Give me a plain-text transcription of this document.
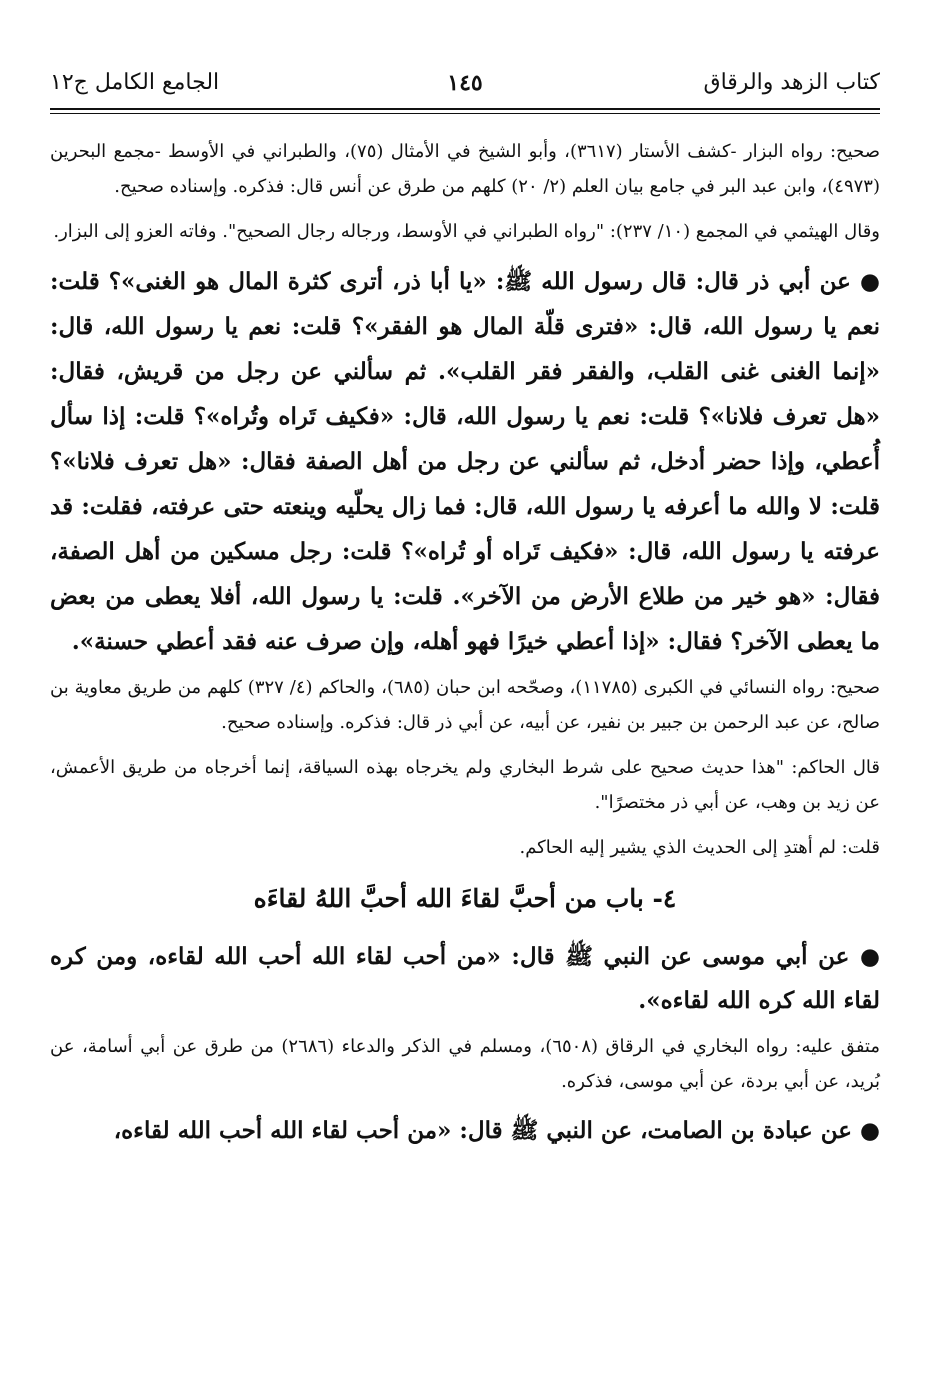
كتاب الزهد والرقاق
١٤٥
الجامع الكامل ج١٢

صحيح: رواه البزار -كشف الأستار (٣٦١٧)، وأبو الشيخ في الأمثال (٧٥)، والطبراني في الأوسط -مجمع البحرين (٤٩٧٣)، وابن عبد البر في جامع بيان العلم (٢/ ٢٠) كلهم من طرق عن أنس قال: فذكره. وإسناده صحيح.

وقال الهيثمي في المجمع (١٠/ ٢٣٧): "رواه الطبراني في الأوسط، ورجاله رجال الصحيح". وفاته العزو إلى البزار.

● عن أبي ذر قال: قال رسول الله ﷺ: «يا أبا ذر، أترى كثرة المال هو الغنى»؟ قلت: نعم يا رسول الله، قال: «فترى قلّة المال هو الفقر»؟ قلت: نعم يا رسول الله، قال: «إنما الغنى غنى القلب، والفقر فقر القلب». ثم سألني عن رجل من قريش، فقال: «هل تعرف فلانا»؟ قلت: نعم يا رسول الله، قال: «فكيف تَراه وتُراه»؟ قلت: إذا سأل أُعطي، وإذا حضر أدخل، ثم سألني عن رجل من أهل الصفة فقال: «هل تعرف فلانا»؟ قلت: لا والله ما أعرفه يا رسول الله، قال: فما زال يحلّيه وينعته حتى عرفته، فقلت: قد عرفته يا رسول الله، قال: «فكيف تَراه أو تُراه»؟ قلت: رجل مسكين من أهل الصفة، فقال: «هو خير من طلاع الأرض من الآخر». قلت: يا رسول الله، أفلا يعطى من بعض ما يعطى الآخر؟ فقال: «إذا أعطي خيرًا فهو أهله، وإن صرف عنه فقد أعطي حسنة».

صحيح: رواه النسائي في الكبرى (١١٧٨٥)، وصحّحه ابن حبان (٦٨٥)، والحاكم (٤/ ٣٢٧) كلهم من طريق معاوية بن صالح، عن عبد الرحمن بن جبير بن نفير، عن أبيه، عن أبي ذر قال: فذكره. وإسناده صحيح.

قال الحاكم: "هذا حديث صحيح على شرط البخاري ولم يخرجاه بهذه السياقة، إنما أخرجاه من طريق الأعمش، عن زيد بن وهب، عن أبي ذر مختصرًا".

قلت: لم أهتدِ إلى الحديث الذي يشير إليه الحاكم.

٤- باب من أحبَّ لقاءَ الله أحبَّ اللهُ لقاءَه

● عن أبي موسى عن النبي ﷺ قال: «من أحب لقاء الله أحب الله لقاءه، ومن كره لقاء الله كره الله لقاءه».

متفق عليه: رواه البخاري في الرقاق (٦٥٠٨)، ومسلم في الذكر والدعاء (٢٦٨٦) من طرق عن أبي أسامة، عن بُريد، عن أبي بردة، عن أبي موسى، فذكره.

● عن عبادة بن الصامت، عن النبي ﷺ قال: «من أحب لقاء الله أحب الله لقاءه،
